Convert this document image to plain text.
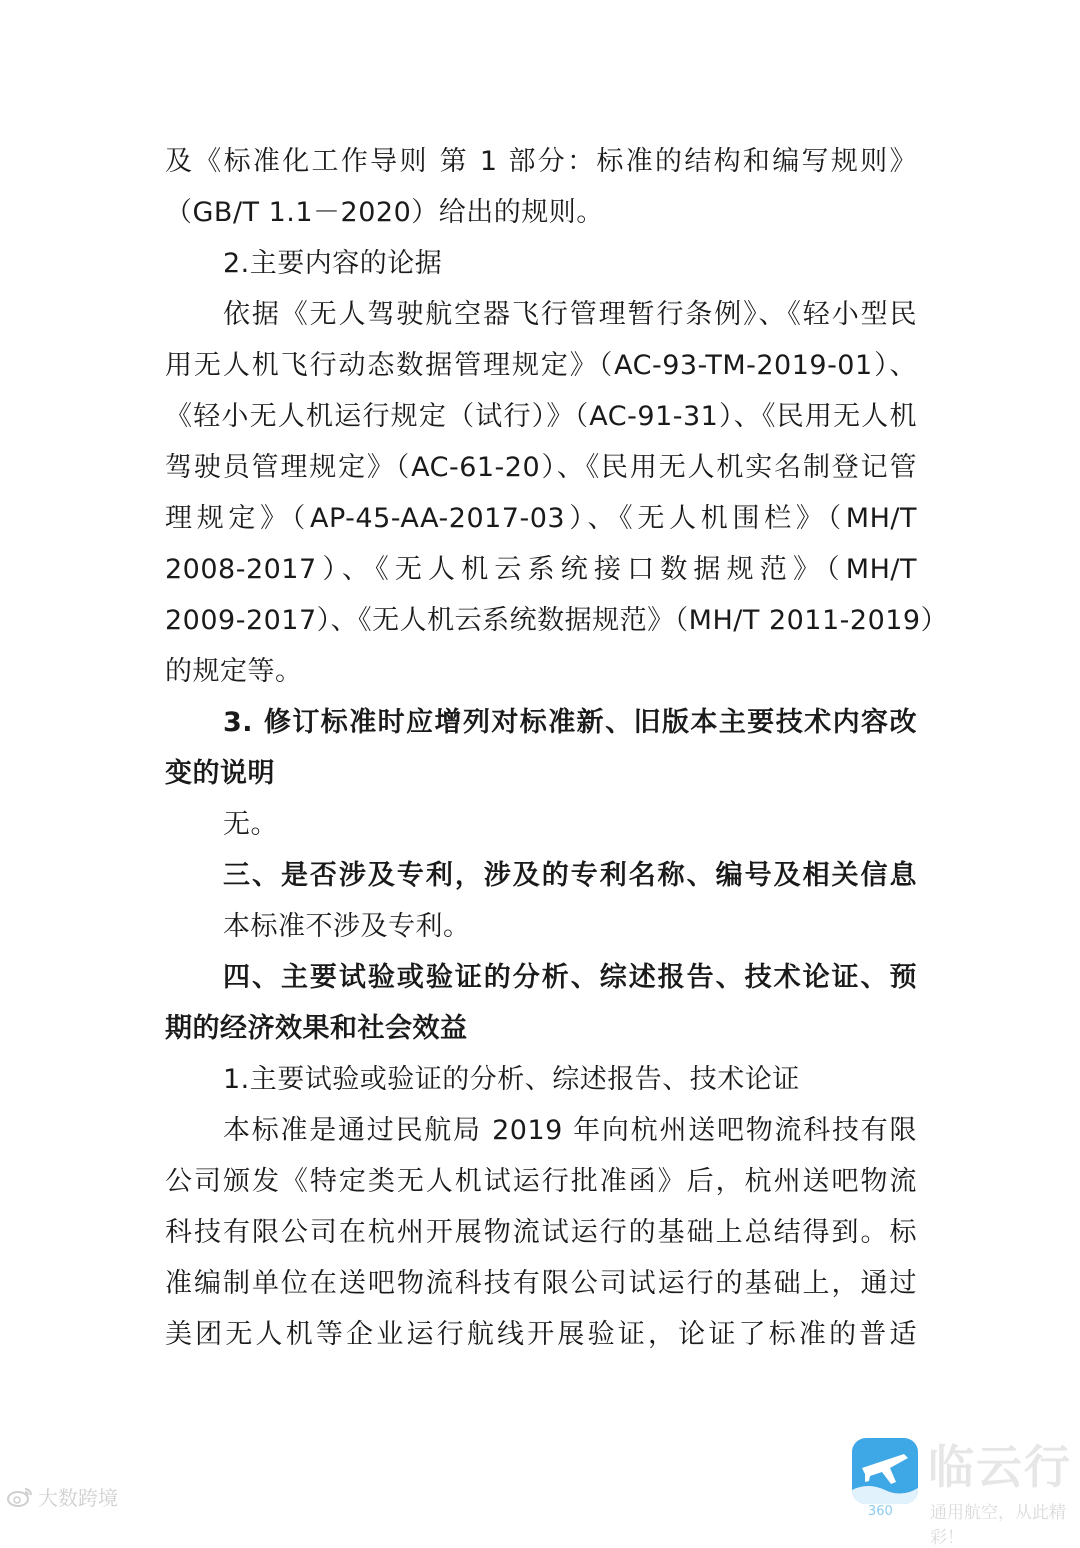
及《标准化工作导则 第 1 部分：标准的结构和编写规则》
（GB/T 1.1－2020）给出的规则。
2.主要内容的论据
依据《无人驾驶航空器飞行管理暂行条例》、《轻小型民
用无人机飞行动态数据管理规定》（AC-93-TM-2019-01）、
《轻小无人机运行规定（试行）》（AC-91-31）、《民用无人机
驾驶员管理规定》（AC-61-20）、《民用无人机实名制登记管
理规定》（AP-45-AA-2017-03）、《无人机围栏》（MH/T
2008-2017）、《无人机云系统接口数据规范》（MH/T
2009-2017）、《无人机云系统数据规范》（MH/T 2011-2019）
的规定等。
3. 修订标准时应增列对标准新、旧版本主要技术内容改
变的说明
无。
三、是否涉及专利，涉及的专利名称、编号及相关信息
本标准不涉及专利。
四、主要试验或验证的分析、综述报告、技术论证、预
期的经济效果和社会效益
1.主要试验或验证的分析、综述报告、技术论证
本标准是通过民航局 2019 年向杭州送吧物流科技有限
公司颁发《特定类无人机试运行批准函》后，杭州送吧物流
科技有限公司在杭州开展物流试运行的基础上总结得到。标
准编制单位在送吧物流科技有限公司试运行的基础上，通过
美团无人机等企业运行航线开展验证，论证了标准的普适
大数跨境
360
临云行
通用航空，从此精彩！
